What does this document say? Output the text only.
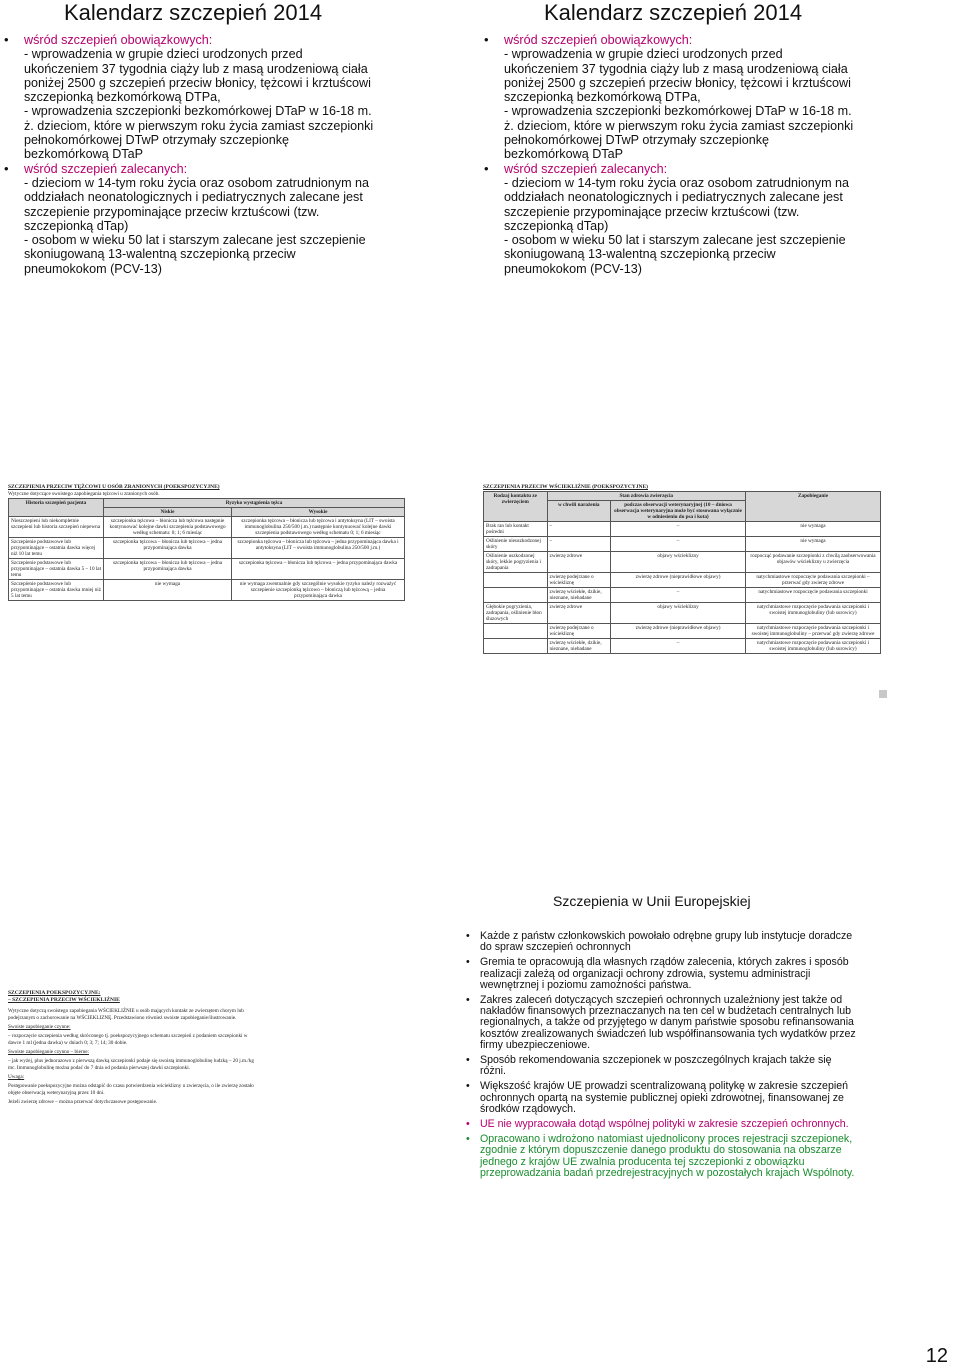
Kalendarz szczepień 2014
• wśród szczepień obowiązkowych:
- wprowadzenia w grupie dzieci urodzonych przed
ukończeniem 37 tygodnia ciąży lub z masą urodzeniową ciała
poniżej 2500 g szczepień przeciw błonicy, tężcowi i krztuścowi
szczepionką bezkomórkową DTPa,
- wprowadzenia szczepionki bezkomórkowej DTaP w 16-18 m.
ż. dzieciom, które w pierwszym roku życia zamiast szczepionki
pełnokomórkowej DTwP otrzymały szczepionkę
bezkomórkową DTaP
• wśród szczepień zalecanych:
- dzieciom w 14-tym roku życia oraz osobom zatrudnionym na
oddziałach neonatologicznych i pediatrycznych zalecane jest
szczepienie przypominające przeciw krztuścowi (tzw.
szczepionką dTap)
- osobom w wieku 50 lat i starszym zalecane jest szczepienie
skoniugowaną 13-walentną szczepionką przeciw
pneumokokom (PCV-13)
Kalendarz szczepień 2014
• wśród szczepień obowiązkowych:
- wprowadzenia w grupie dzieci urodzonych przed
ukończeniem 37 tygodnia ciąży lub z masą urodzeniową ciała
poniżej 2500 g szczepień przeciw błonicy, tężcowi i krztuścowi
szczepionką bezkomórkową DTPa,
- wprowadzenia szczepionki bezkomórkowej DTaP w 16-18 m.
ż. dzieciom, które w pierwszym roku życia zamiast szczepionki
pełnokomórkowej DTwP otrzymały szczepionkę
bezkomórkową DTaP
• wśród szczepień zalecanych:
- dzieciom w 14-tym roku życia oraz osobom zatrudnionym na
oddziałach neonatologicznych i pediatrycznych zalecane jest
szczepienie przypominające przeciw krztuścowi (tzw.
szczepionką dTap)
- osobom w wieku 50 lat i starszym zalecane jest szczepienie
skoniugowaną 13-walentną szczepionką przeciw
pneumokokom (PCV-13)
SZCZEPIENIA PRZECIW TĘŻCOWI U OSÓB ZRANIONYCH (POEKSPOZYCYJNE)
Wytyczne dotyczące swoistego zapobiegania tężcowi u zranionych osób.
Historia szczepień pacjenta	Ryzyko wystąpienia tężca	
	Niskie	Wysokie
Nieszczepieni lub niekompletnie szczepieni lub historia szczepień niepewna	szczepionka tężcowa – błonicza lub tężcowa następnie kontynuować kolejne dawki szczepienia podstawowego według schematu: 0; 1; 6 miesiąc	szczepionka tężcowa – błonicza lub tężcowa i antytoksyna (LIT – swoista immunoglobulina 250/500 j.m.) następnie kontynuować kolejne dawki szczepienia podstawowego według schematu 0; 1; 6 miesiąc
Szczepienie podstawowe lub przypominające – ostatnia dawka więcej niż 10 lat temu	szczepionka tężcowa – błonicza lub tężcowa – jedna przypominająca dawka	szczepionka tężcowa – błonicza lub tężcowa – jedna przypominająca dawka i antytoksyna (LIT – swoista immunoglobulina 250/500 j.m.)
Szczepienie podstawowe lub przypominające – ostatnia dawka 5 – 10 lat temu	szczepionka tężcowa – błonicza lub tężcowa – jedna przypominająca dawka	szczepionka tężcowa – błonicza lub tężcowa – jedna przypominająca dawka
Szczepienie podstawowe lub przypominające – ostatnia dawka mniej niż 5 lat temu	nie wymaga	nie wymaga zwentualnie gdy szczególnie wysokie ryzyko należy rozważyć szczepienie szczepionką tężcowo – błoniczą lub tężcową – jedna przypominająca dawka
SZCZEPIENIA PRZECIW WŚCIEKLIŹNIE (POEKSPOZYCYJNE)
Rodzaj kontaktu ze zwierzęciem	Stan zdrowia zwierzęcia		Zapobieganie
	w chwili narażenia	podczas obserwacji weterynaryjnej (10 – dniowa obserwacja weterynaryjna może być stosowana wyłącznie w odniesieniu do psa i kota)	
Brak ran lub kontakt pośredni	–	–	nie wymaga
Oślinienie nieuszkodzonej skóry	–	–	nie wymaga
Oślinienie uszkodzonej skóry, lekkie pogryzienia i zadrapania	zwierzę zdrowe	objawy wścieklizny	rozpocząć podawanie szczepionki z chwilą zaobserwowania objawów wścieklizny u zwierzęcia
	zwierzę podejrzane o wściekliznę	zwierzę zdrowe (nieprawidłowe objawy)	natychmiastowe rozpoczęcie podawania szczepionki – przerwać gdy zwierzę zdrowe
	zwierzę wściekłe, dzikie, nieznane, niebadane	–	natychmiastowe rozpoczęcie podawania szczepionki
Głębokie pogryzienia, zadrapania, oślinienie błon śluzowych	zwierzę zdrowe	objawy wścieklizny	natychmiastowe rozpoczęcie podawania szczepionki i swoistej immunoglobuliny (lub surowicy)
	zwierzę podejrzane o wściekliznę	zwierzę zdrowe (nieprawidłowe objawy)	natychmiastowe rozpoczęcie podawania szczepionki i swoistej immunoglobuliny – przerwać gdy zwierzę zdrowe
	zwierzę wściekłe, dzikie, nieznane, niebadane	–	natychmiastowe rozpoczęcie podawania szczepionki i swoistej immunoglobuliny (lub surowicy)
SZCZEPIENIA POEKSPOZYCYJNE:
– SZCZEPIENIA PRZECIW WŚCIEKLIŹNIE
Wytyczne dotyczą swoistego zapobiegania WŚCIEKLIŹNIE u osób mających kontakt ze zwierzętem chorym lub podejrzanym o zachorowanie na WŚCIEKLIZNĘ. Przedstawiono również swoiste zapobieganie/ilustrowanie.
Swoiste zapobieganie czynne:
– rozpoczęcie szczepienia według skróconego tj. poekspozycyjnego schematu szczepień z podaniem szczepionki w dawce 1 ml (jedna dawka) w dniach 0; 3; 7; 14; 30 dobie.
Swoiste zapobieganie czynno – bierne:
– jak wyżej, plus jednorazowo z pierwszą dawką szczepionki podaje się swoistą immunoglobulinę ludzką – 20 j.m./kg mc. Immunoglobulinę można podać do 7 dnia od podania pierwszej dawki szczepionki.
Uwaga:
Postępowanie poekspozycyjne można odstąpić do czasu potwierdzenia wścieklizny u zwierzęcia, o ile zwierzę zostało objęte obserwacją weterynaryjną przez 10 dni.
Jeżeli zwierzę zdrowe – można przerwać dotychczasowe postępowanie.
Szczepienia w Unii Europejskiej
• Każde z państw członkowskich powołało odrębne grupy lub instytucje doradcze do spraw szczepień ochronnych
• Gremia te opracowują dla własnych rządów zalecenia, których zakres i sposób realizacji zależą od organizacji ochrony zdrowia, systemu administracji wewnętrznej i poziomu zamożności państwa.
• Zakres zaleceń dotyczących szczepień ochronnych uzależniony jest także od nakładów finansowych przeznaczanych na ten cel w budżetach centralnych lub regionalnych, a także od przyjętego w danym państwie sposobu refinansowania kosztów zrealizowanych świadczeń lub współfinansowania tych wydatków przez firmy ubezpieczeniowe.
• Sposób rekomendowania szczepionek w poszczególnych krajach także się różni.
• Większość krajów UE prowadzi scentralizowaną politykę w zakresie szczepień ochronnych opartą na systemie publicznej opieki zdrowotnej, finansowanej ze środków rządowych.
• UE nie wypracowała dotąd wspólnej polityki w zakresie szczepień ochronnych.
• Opracowano i wdrożono natomiast ujednolicony proces rejestracji szczepionek, zgodnie z którym dopuszczenie danego produktu do stosowania na obszarze jednego z krajów UE zwalnia producenta tej szczepionki z obowiązku przeprowadzania badań przedrejestracyjnych w pozostałych krajach Wspólnoty.
12
